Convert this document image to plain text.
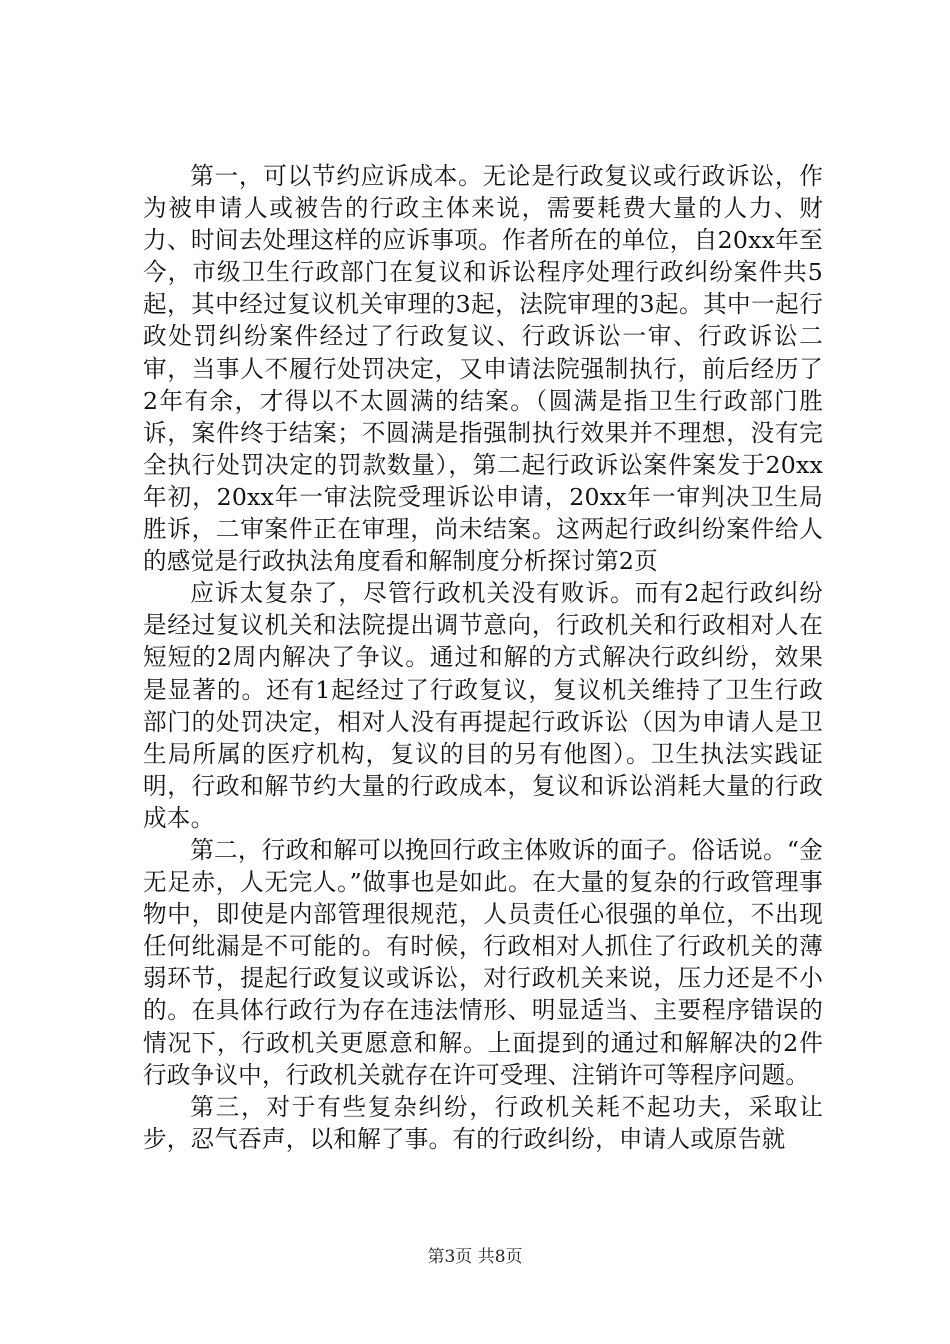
第一，可以节约应诉成本。无论是行政复议或行政诉讼，作为被申请人或被告的行政主体来说，需要耗费大量的人力、财力、时间去处理这样的应诉事项。作者所在的单位，自20xx年至今，市级卫生行政部门在复议和诉讼程序处理行政纠纷案件共5起，其中经过复议机关审理的3起，法院审理的3起。其中一起行政处罚纠纷案件经过了行政复议、行政诉讼一审、行政诉讼二审，当事人不履行处罚决定，又申请法院强制执行，前后经历了2年有余，才得以不太圆满的结案。（圆满是指卫生行政部门胜诉，案件终于结案；不圆满是指强制执行效果并不理想，没有完全执行处罚决定的罚款数量），第二起行政诉讼案件案发于20xx年初，20xx年一审法院受理诉讼申请，20xx年一审判决卫生局胜诉，二审案件正在审理，尚未结案。这两起行政纠纷案件给人的感觉是行政执法角度看和解制度分析探讨第2页

应诉太复杂了，尽管行政机关没有败诉。而有2起行政纠纷是经过复议机关和法院提出调节意向，行政机关和行政相对人在短短的2周内解决了争议。通过和解的方式解决行政纠纷，效果是显著的。还有1起经过了行政复议，复议机关维持了卫生行政部门的处罚决定，相对人没有再提起行政诉讼（因为申请人是卫生局所属的医疗机构，复议的目的另有他图）。卫生执法实践证明，行政和解节约大量的行政成本，复议和诉讼消耗大量的行政成本。

第二，行政和解可以挽回行政主体败诉的面子。俗话说。“金无足赤，人无完人。”做事也是如此。在大量的复杂的行政管理事物中，即使是内部管理很规范，人员责任心很强的单位，不出现任何纰漏是不可能的。有时候，行政相对人抓住了行政机关的薄弱环节，提起行政复议或诉讼，对行政机关来说，压力还是不小的。在具体行政行为存在违法情形、明显适当、主要程序错误的情况下，行政机关更愿意和解。上面提到的通过和解解决的2件行政争议中，行政机关就存在许可受理、注销许可等程序问题。

第三，对于有些复杂纠纷，行政机关耗不起功夫，采取让步，忍气吞声，以和解了事。有的行政纠纷，申请人或原告就

第3页 共8页
